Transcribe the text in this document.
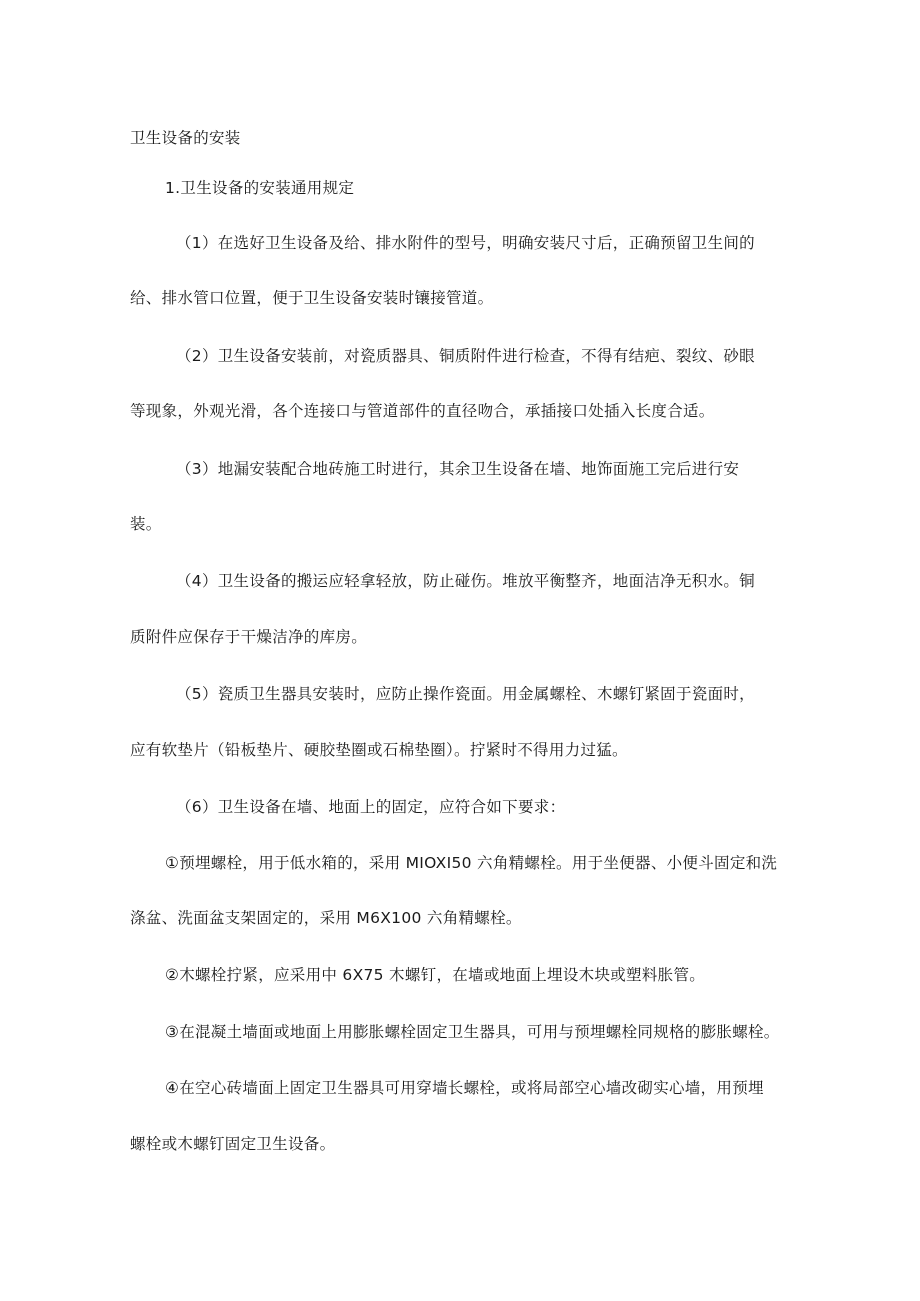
卫生设备的安装
1.卫生设备的安装通用规定
（1）在选好卫生设备及给、排水附件的型号，明确安装尺寸后，正确预留卫生间的
给、排水管口位置，便于卫生设备安装时镶接管道。
（2）卫生设备安装前，对瓷质器具、铜质附件进行检查，不得有结疤、裂纹、砂眼
等现象，外观光滑，各个连接口与管道部件的直径吻合，承插接口处插入长度合适。
（3）地漏安装配合地砖施工时进行，其余卫生设备在墙、地饰面施工完后进行安
装。
（4）卫生设备的搬运应轻拿轻放，防止碰伤。堆放平衡整齐，地面洁净无积水。铜
质附件应保存于干燥洁净的库房。
（5）瓷质卫生器具安装时，应防止操作瓷面。用金属螺栓、木螺钉紧固于瓷面时，
应有软垫片（铅板垫片、硬胶垫圈或石棉垫圈）。拧紧时不得用力过猛。
（6）卫生设备在墙、地面上的固定，应符合如下要求：
①预埋螺栓，用于低水箱的，采用 MIOXI50 六角精螺栓。用于坐便器、小便斗固定和洗
涤盆、洗面盆支架固定的，采用 M6X100 六角精螺栓。
②木螺栓拧紧，应采用中 6X75 木螺钉，在墙或地面上埋设木块或塑料胀管。
③在混凝土墙面或地面上用膨胀螺栓固定卫生器具，可用与预埋螺栓同规格的膨胀螺栓。
④在空心砖墙面上固定卫生器具可用穿墙长螺栓，或将局部空心墙改砌实心墙，用预埋
螺栓或木螺钉固定卫生设备。
